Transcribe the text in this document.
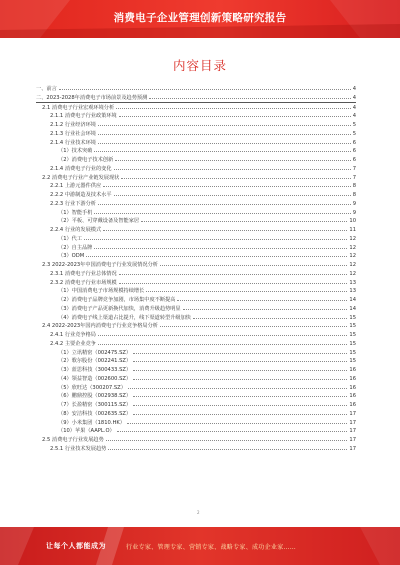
消费电子企业管理创新策略研究报告
内容目录
一、前言	4
二、2023-2028年消费电子市场前景及趋势预测	4
2.1 消费电子行业宏观环境分析	4
2.1.1 消费电子行业政策环境	4
2.1.2 行业经济环境	5
2.1.3 行业社会环境	5
2.1.4 行业技术环境	6
（1）技术突破	6
（2）消费电子技术创新	6
2.1.4 消费电子行业的变化	7
2.2 消费电子行业产业链发展现状	7
2.2.1 上游元器件供应	8
2.2.2 中游制造及技术水平	8
2.2.3 行业下游分析	9
（1）智能手机	9
（2）平板、可穿戴设备及智能家居	10
2.2.4 行业的发展模式	11
（1）代工	12
（2）自主品牌	12
（3）ODM	12
2.3 2022-2023年中国消费电子行业发展情况分析	12
2.3.1 消费电子行业总体情况	12
2.3.2 消费电子行业市场规模	13
（1）中国消费电子市场规模持续增长	13
（2）消费电子品牌竞争加剧，市场集中度不断提高	14
（3）消费电子产品更新换代加快，消费升级趋势明显	14
（4）消费电子线上渠道占比提升，线下渠道转型升级加快	15
2.4 2022-2023年国内消费电子行业竞争格局分析	15
2.4.1 行业竞争格局	15
2.4.2 主要企业竞争	15
（1）立讯精密（002475.SZ）	15
（2）歌尔股份（002241.SZ）	15
（3）蓝思科技（300433.SZ）	16
（4）领益智造（002600.SZ）	16
（5）欣旺达（300207.SZ）	16
（6）鹏鼎控股（002938.SZ）	16
（7）长盈精密（300115.SZ）	16
（8）安洁科技（002635.SZ）	17
（9）小米集团（1810.HK）	17
（10）苹果（AAPL.O）	17
2.5 消费电子行业发展趋势	17
2.5.1 行业技术发展趋势	17
2
让每个人都能成为	行业专家、管理专家、营销专家、战略专家、成功企业家……
